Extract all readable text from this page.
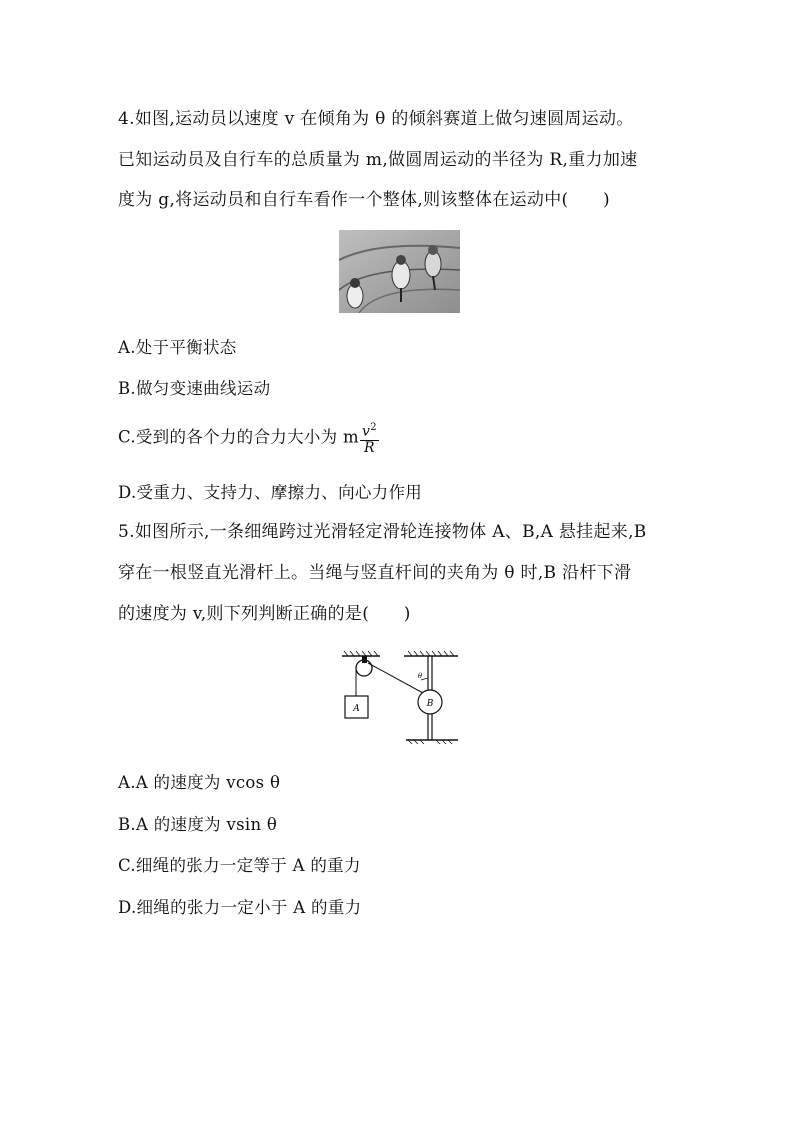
4.如图,运动员以速度 v 在倾角为 θ 的倾斜赛道上做匀速圆周运动。
已知运动员及自行车的总质量为 m,做圆周运动的半径为 R,重力加速
度为 g,将运动员和自行车看作一个整体,则该整体在运动中(　　)
A.处于平衡状态
B.做匀变速曲线运动
C.受到的各个力的合力大小为 m $\frac{v^2}{R}$
D.受重力、支持力、摩擦力、向心力作用
5.如图所示,一条细绳跨过光滑轻定滑轮连接物体 A、B,A 悬挂起来,B
穿在一根竖直光滑杆上。当绳与竖直杆间的夹角为 θ 时,B 沿杆下滑
的速度为 v,则下列判断正确的是(　　)
A	B
θ
A.A 的速度为 vcos θ
B.A 的速度为 vsin θ
C.细绳的张力一定等于 A 的重力
D.细绳的张力一定小于 A 的重力
